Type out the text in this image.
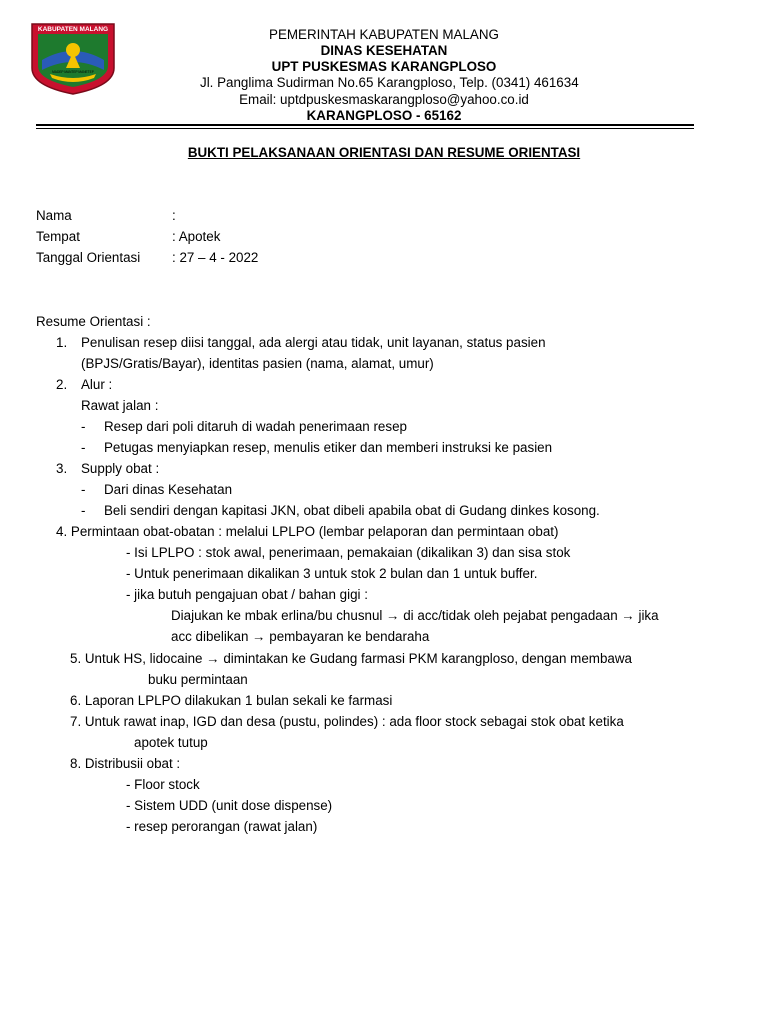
KABUPATEN MALANG
MADEP MANTEP MANETEP
PEMERINTAH KABUPATEN MALANG
DINAS KESEHATAN
UPT PUSKESMAS KARANGPLOSO
Jl. Panglima Sudirman No.65 Karangploso, Telp. (0341) 461634
Email: uptdpuskesmaskarangploso@yahoo.co.id
KARANGPLOSO - 65162
BUKTI PELAKSANAAN ORIENTASI DAN RESUME ORIENTASI
Nama	:
Tempat	: Apotek
Tanggal Orientasi : 27 – 4 - 2022
Resume Orientasi :
1. Penulisan resep diisi tanggal, ada alergi atau tidak, unit layanan, status pasien
(BPJS/Gratis/Bayar), identitas pasien (nama, alamat, umur)
2. Alur :
Rawat jalan :
- Resep dari poli ditaruh di wadah penerimaan resep
- Petugas menyiapkan resep, menulis etiker dan memberi instruksi ke pasien
3. Supply obat :
- Dari dinas Kesehatan
- Beli sendiri dengan kapitasi JKN, obat dibeli apabila obat di Gudang dinkes kosong.
4. Permintaan obat-obatan : melalui LPLPO (lembar pelaporan dan permintaan obat)
- Isi LPLPO : stok awal, penerimaan, pemakaian (dikalikan 3) dan sisa stok
- Untuk penerimaan dikalikan 3 untuk stok 2 bulan dan 1 untuk buffer.
- jika butuh pengajuan obat / bahan gigi :
Diajukan ke mbak erlina/bu chusnul → di acc/tidak oleh pejabat pengadaan → jika
acc dibelikan → pembayaran ke bendaraha
5. Untuk HS, lidocaine → dimintakan ke Gudang farmasi PKM karangploso, dengan membawa
buku permintaan
6. Laporan LPLPO dilakukan 1 bulan sekali ke farmasi
7. Untuk rawat inap, IGD dan desa (pustu, polindes) : ada floor stock sebagai stok obat ketika
apotek tutup
8. Distribusii obat :
- Floor stock
- Sistem UDD (unit dose dispense)
- resep perorangan (rawat jalan)
